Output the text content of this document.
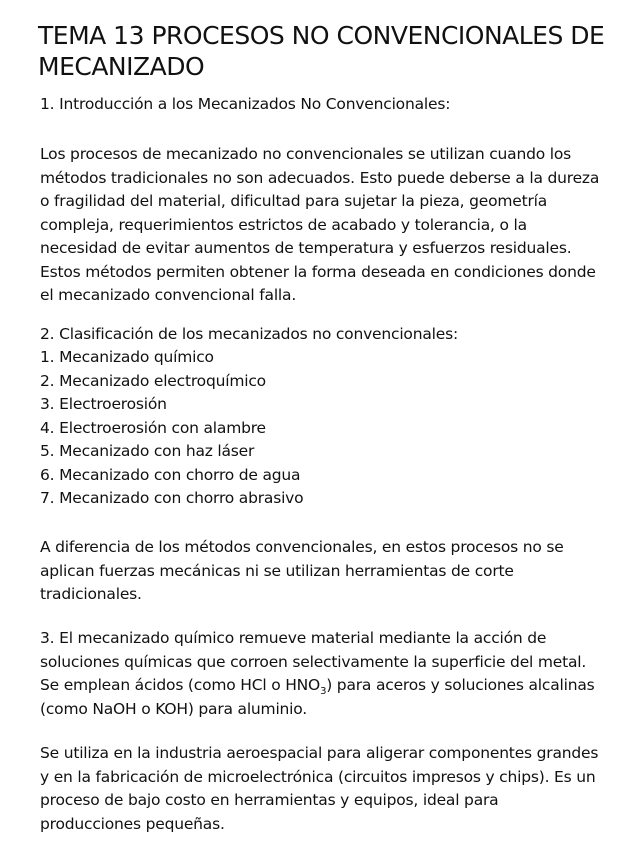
TEMA 13 PROCESOS NO CONVENCIONALES DE MECANIZADO

1. Introducción a los Mecanizados No Convencionales:

Los procesos de mecanizado no convencionales se utilizan cuando los métodos tradicionales no son adecuados. Esto puede deberse a la dureza o fragilidad del material, dificultad para sujetar la pieza, geometría compleja, requerimientos estrictos de acabado y tolerancia, o la necesidad de evitar aumentos de temperatura y esfuerzos residuales. Estos métodos permiten obtener la forma deseada en condiciones donde el mecanizado convencional falla.

2. Clasificación de los mecanizados no convencionales:

1. Mecanizado químico
2. Mecanizado electroquímico
3. Electroerosión
4. Electroerosión con alambre
5. Mecanizado con haz láser
6. Mecanizado con chorro de agua
7. Mecanizado con chorro abrasivo

A diferencia de los métodos convencionales, en estos procesos no se aplican fuerzas mecánicas ni se utilizan herramientas de corte tradicionales.

3. El mecanizado químico remueve material mediante la acción de soluciones químicas que corroen selectivamente la superficie del metal. Se emplean ácidos (como HCl o $HNO_3$) para aceros y soluciones alcalinas (como NaOH o KOH) para aluminio.

Se utiliza en la industria aeroespacial para aligerar componentes grandes y en la fabricación de microelectrónica (circuitos impresos y chips). Es un proceso de bajo costo en herramientas y equipos, ideal para producciones pequeñas.
